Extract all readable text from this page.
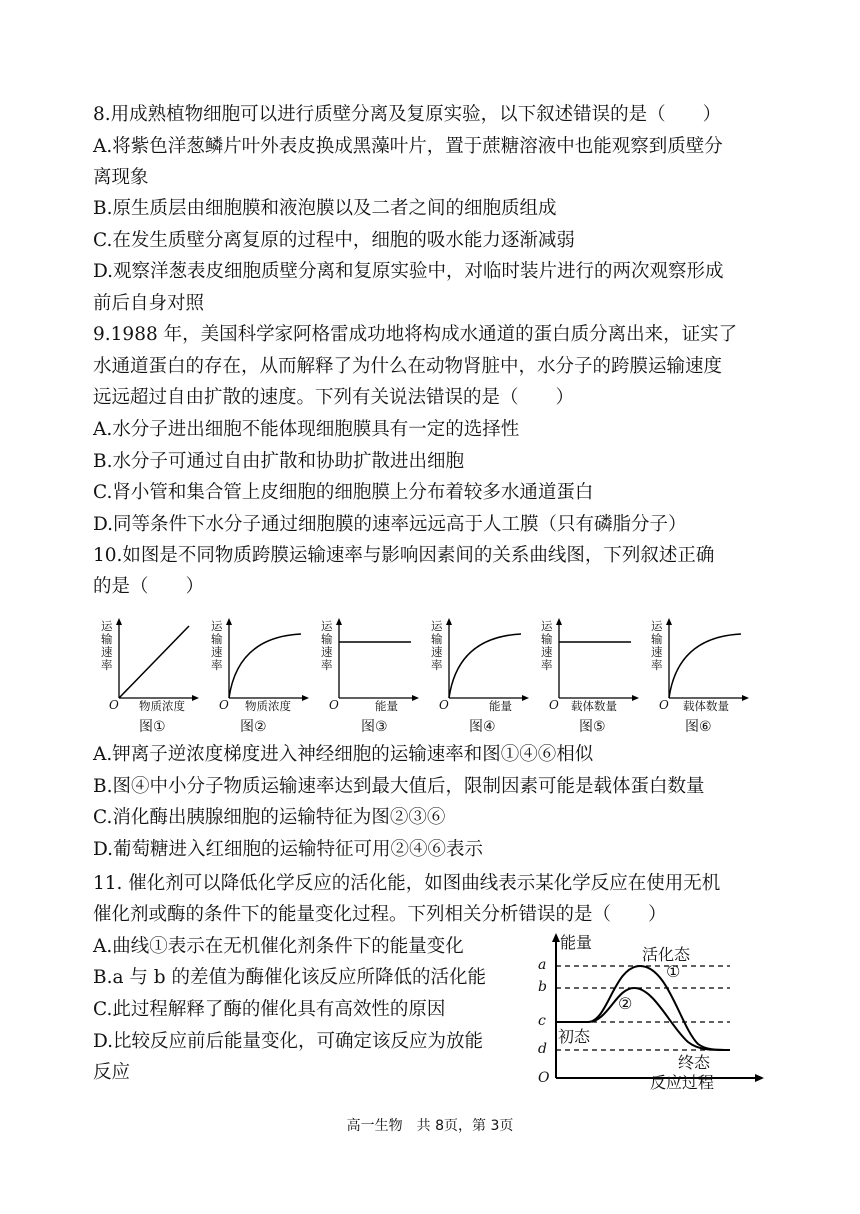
8.用成熟植物细胞可以进行质壁分离及复原实验，以下叙述错误的是（　　）
A.将紫色洋葱鳞片叶外表皮换成黑藻叶片，置于蔗糖溶液中也能观察到质壁分
离现象
B.原生质层由细胞膜和液泡膜以及二者之间的细胞质组成
C.在发生质壁分离复原的过程中，细胞的吸水能力逐渐减弱
D.观察洋葱表皮细胞质壁分离和复原实验中，对临时装片进行的两次观察形成
前后自身对照
9.1988 年，美国科学家阿格雷成功地将构成水通道的蛋白质分离出来，证实了
水通道蛋白的存在，从而解释了为什么在动物肾脏中，水分子的跨膜运输速度
远远超过自由扩散的速度。下列有关说法错误的是（　　）
A.水分子进出细胞不能体现细胞膜具有一定的选择性
B.水分子可通过自由扩散和协助扩散进出细胞
C.肾小管和集合管上皮细胞的细胞膜上分布着较多水通道蛋白
D.同等条件下水分子通过细胞膜的速率远远高于人工膜（只有磷脂分子）
10.如图是不同物质跨膜运输速率与影响因素间的关系曲线图，下列叙述正确
的是（　　）
运输速率
O 物质浓度
图①
运输速率
O 物质浓度
图②
运输速率
O	能量
图③
运输速率
O	能量
图④
运输速率
O 载体数量
图⑤
运输速率
O 载体数量
图⑥
A.钾离子逆浓度梯度进入神经细胞的运输速率和图①④⑥相似
B.图④中小分子物质运输速率达到最大值后，限制因素可能是载体蛋白数量
C.消化酶出胰腺细胞的运输特征为图②③⑥
D.葡萄糖进入红细胞的运输特征可用②④⑥表示
11. 催化剂可以降低化学反应的活化能，如图曲线表示某化学反应在使用无机
催化剂或酶的条件下的能量变化过程。下列相关分析错误的是（　　）
A.曲线①表示在无机催化剂条件下的能量变化
B.a 与 b 的差值为酶催化该反应所降低的活化能
C.此过程解释了酶的催化具有高效性的原因
D.比较反应前后能量变化，可确定该反应为放能
反应
能量
活化态
①
②
初态
终态
反应过程
O
a
b
c
d
高一生物　共 8页，第 3页
